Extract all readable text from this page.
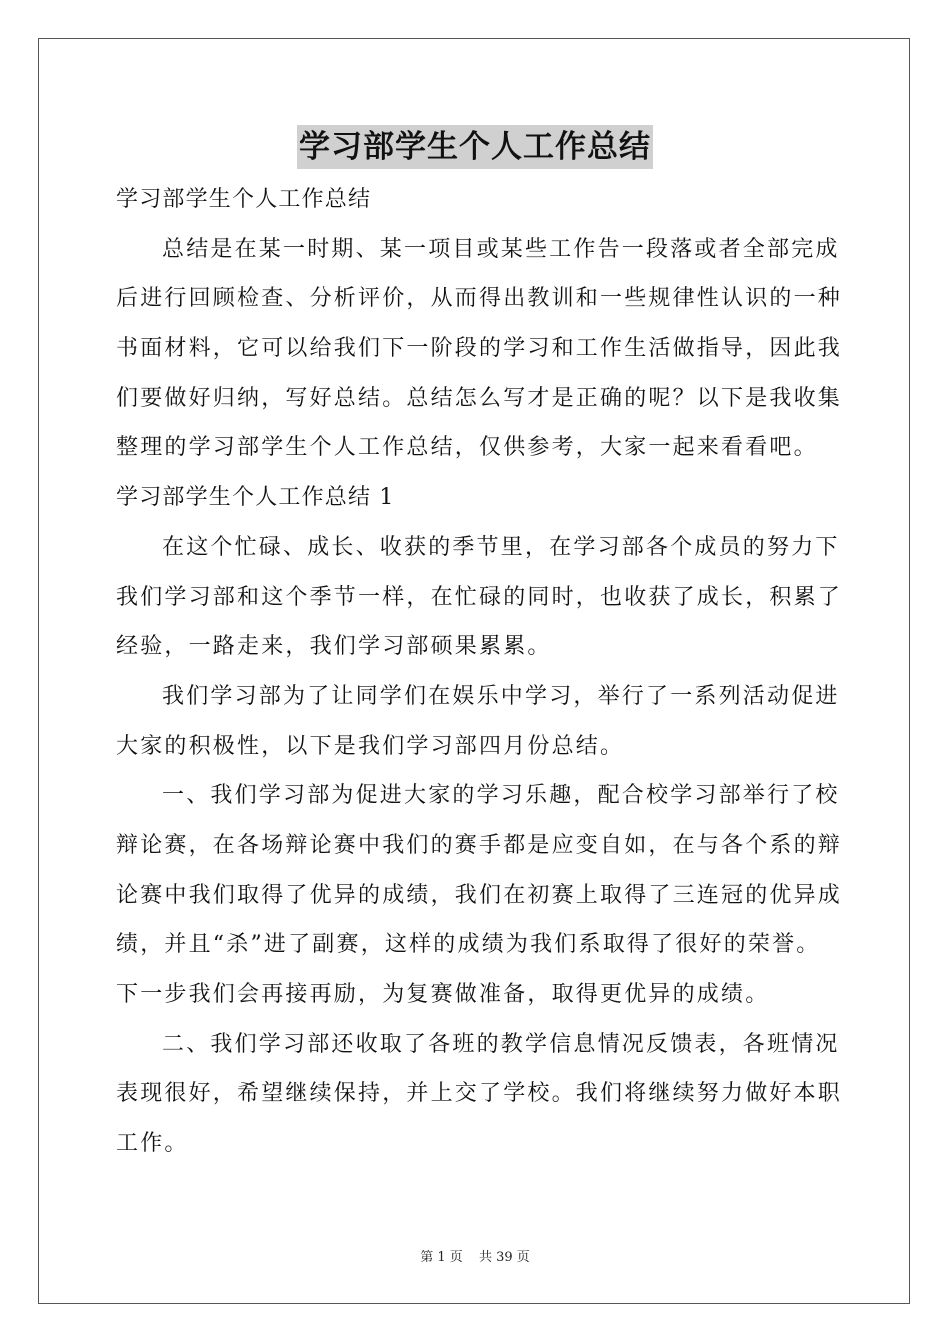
学习部学生个人工作总结
学习部学生个人工作总结
总结是在某一时期、某一项目或某些工作告一段落或者全部完成
后进行回顾检查、分析评价，从而得出教训和一些规律性认识的一种
书面材料，它可以给我们下一阶段的学习和工作生活做指导，因此我
们要做好归纳，写好总结。总结怎么写才是正确的呢？以下是我收集
整理的学习部学生个人工作总结，仅供参考，大家一起来看看吧。
学习部学生个人工作总结 1
在这个忙碌、成长、收获的季节里，在学习部各个成员的努力下
我们学习部和这个季节一样，在忙碌的同时，也收获了成长，积累了
经验，一路走来，我们学习部硕果累累。
我们学习部为了让同学们在娱乐中学习，举行了一系列活动促进
大家的积极性，以下是我们学习部四月份总结。
一、我们学习部为促进大家的学习乐趣，配合校学习部举行了校
辩论赛，在各场辩论赛中我们的赛手都是应变自如，在与各个系的辩
论赛中我们取得了优异的成绩，我们在初赛上取得了三连冠的优异成
绩，并且“杀”进了副赛，这样的成绩为我们系取得了很好的荣誉。
下一步我们会再接再励，为复赛做准备，取得更优异的成绩。
二、我们学习部还收取了各班的教学信息情况反馈表，各班情况
表现很好，希望继续保持，并上交了学校。我们将继续努力做好本职
工作。
第 1 页 共 39 页
